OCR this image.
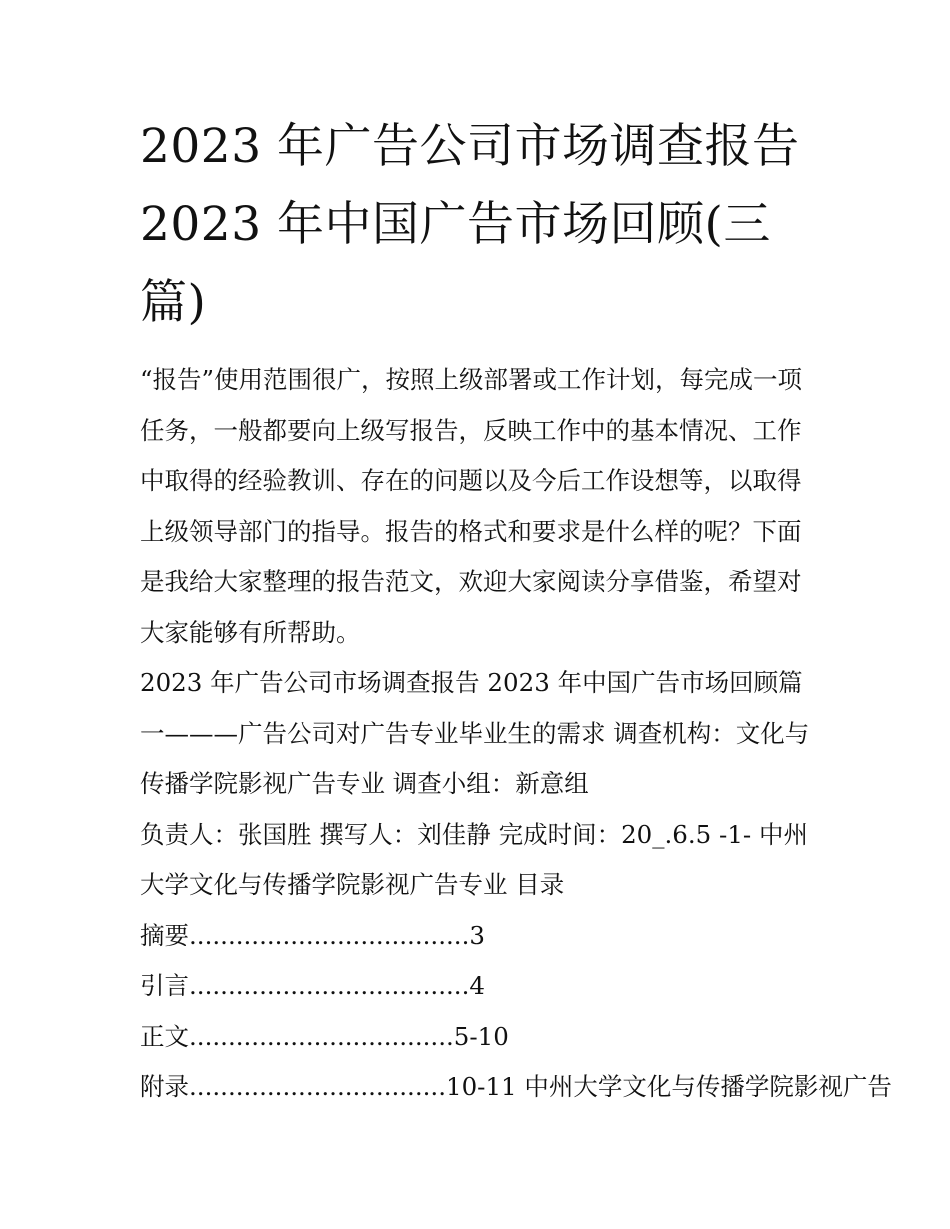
2023 年广告公司市场调查报告
2023 年中国广告市场回顾(三
篇)

“报告”使用范围很广，按照上级部署或工作计划，每完成一项任务，一般都要向上级写报告，反映工作中的基本情况、工作中取得的经验教训、存在的问题以及今后工作设想等，以取得上级领导部门的指导。报告的格式和要求是什么样的呢？下面是我给大家整理的报告范文，欢迎大家阅读分享借鉴，希望对大家能够有所帮助。

2023 年广告公司市场调查报告 2023 年中国广告市场回顾篇一———广告公司对广告专业毕业生的需求 调查机构：文化与传播学院影视广告专业 调查小组：新意组

负责人：张国胜 撰写人：刘佳静 完成时间：20_.6.5 -1- 中州大学文化与传播学院影视广告专业 目录

摘要....................................3

引言....................................4

正文..................................5-10

附录.................................10-11 中州大学文化与传播学院影视广告
